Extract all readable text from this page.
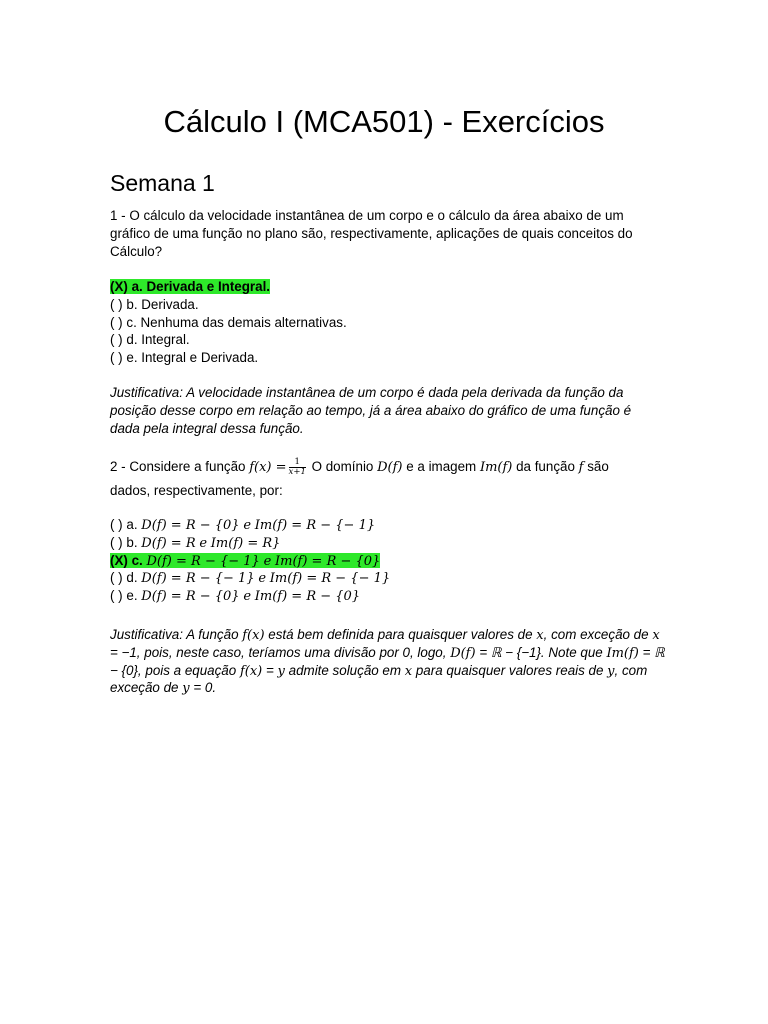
Cálculo I (MCA501) - Exercícios
Semana 1
1 - O cálculo da velocidade instantânea de um corpo e o cálculo da área abaixo de um
gráfico de uma função no plano são, respectivamente, aplicações de quais conceitos do
Cálculo?
(X) a. Derivada e Integral.
( ) b. Derivada.
( ) c. Nenhuma das demais alternativas.
( ) d. Integral.
( ) e. Integral e Derivada.
Justificativa: A velocidade instantânea de um corpo é dada pela derivada da função da
posição desse corpo em relação ao tempo, já a área abaixo do gráfico de uma função é
dada pela integral dessa função.
2 - Considere a função $f(x) = \frac{1}{x+1}$ O domínio D(f) e a imagem Im(f) da função f são
dados, respectivamente, por:
( ) a. D(f) = R − {0} e Im(f) = R − {− 1}
( ) b. D(f) = R e Im(f) = R}
(X) c. D(f) = R − {− 1} e Im(f) = R − {0}
( ) d. D(f) = R − {− 1} e Im(f) = R − {− 1}
( ) e. D(f) = R − {0} e Im(f) = R − {0}
Justificativa: A função f(x) está bem definida para quaisquer valores de x, com exceção de x
= −1, pois, neste caso, teríamos uma divisão por 0, logo, D(f) = ℝ − {−1}. Note que Im(f) = ℝ
− {0}, pois a equação f(x) = y admite solução em x para quaisquer valores reais de y, com
exceção de y = 0.
